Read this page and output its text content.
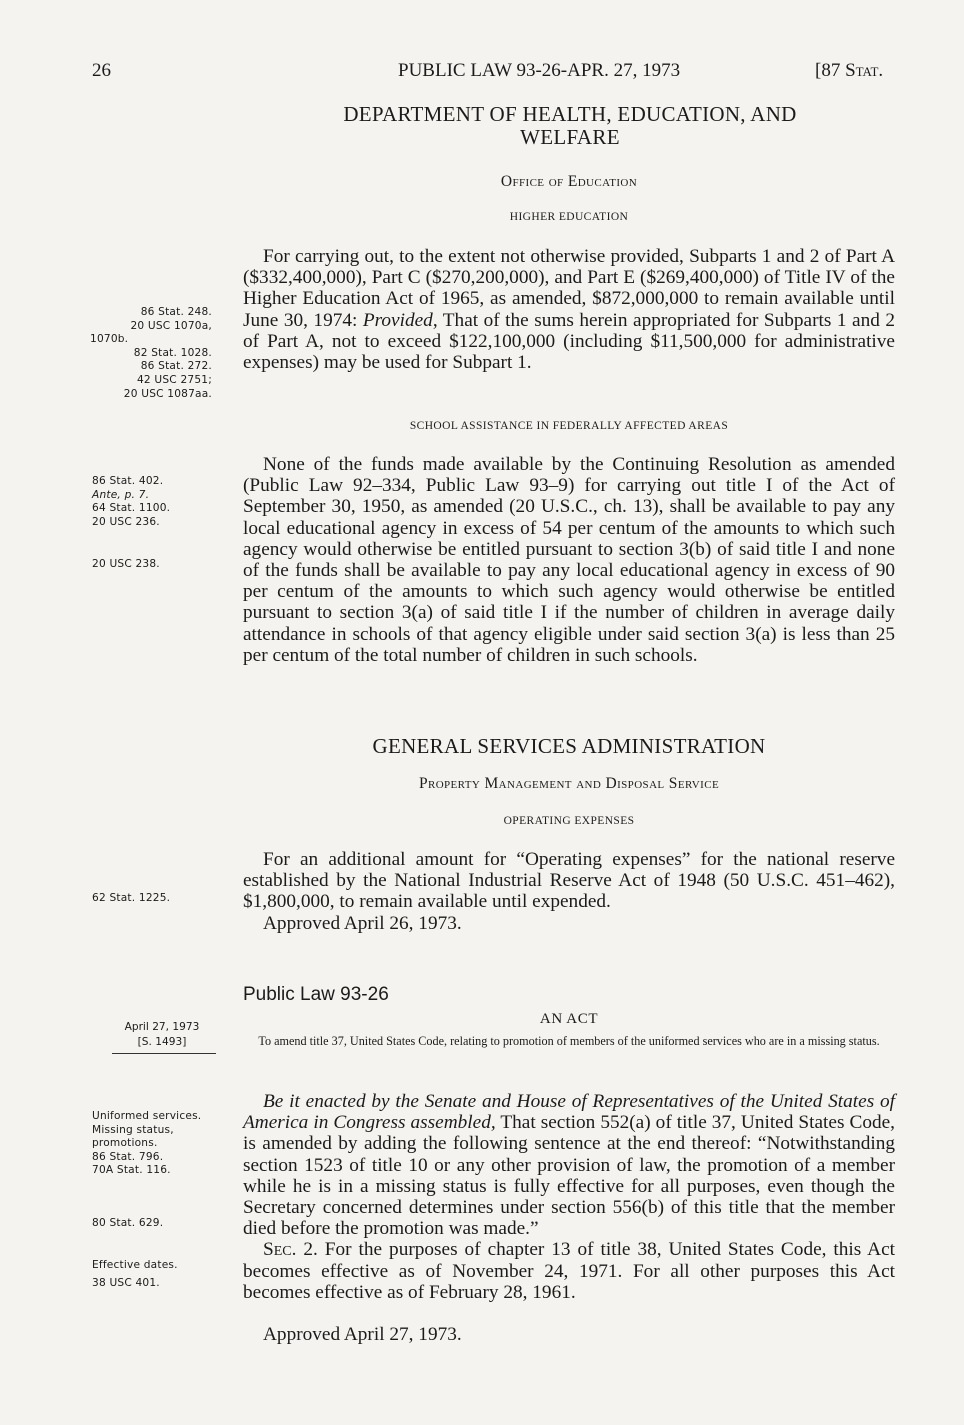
26	PUBLIC LAW 93-26-APR. 27, 1973	[87 Stat.
DEPARTMENT OF HEALTH, EDUCATION, AND WELFARE
Office of Education
HIGHER EDUCATION

For carrying out, to the extent not otherwise provided, Subparts 1 and 2 of Part A ($332,400,000), Part C ($270,200,000), and Part E ($269,400,000) of Title IV of the Higher Education Act of 1965, as amended, $872,000,000 to remain available until June 30, 1974: Provided, That of the sums herein appropriated for Subparts 1 and 2 of Part A, not to exceed $122,100,000 (including $11,500,000 for administrative expenses) may be used for Subpart 1.

86 Stat. 248.
20 USC 1070a,
1070b.
82 Stat. 1028.
86 Stat. 272.
42 USC 2751;
20 USC 1087aa.
SCHOOL ASSISTANCE IN FEDERALLY AFFECTED AREAS

None of the funds made available by the Continuing Resolution as amended (Public Law 92–334, Public Law 93–9) for carrying out title I of the Act of September 30, 1950, as amended (20 U.S.C., ch. 13), shall be available to pay any local educational agency in excess of 54 per centum of the amounts to which such agency would otherwise be entitled pursuant to section 3(b) of said title I and none of the funds shall be available to pay any local educational agency in excess of 90 per centum of the amounts to which such agency would otherwise be entitled pursuant to section 3(a) of said title I if the number of children in average daily attendance in schools of that agency eligible under said section 3(a) is less than 25 per centum of the total number of children in such schools.

86 Stat. 402.
Ante, p. 7.
64 Stat. 1100.
20 USC 236.
20 USC 238.
GENERAL SERVICES ADMINISTRATION
Property Management and Disposal Service
OPERATING EXPENSES

For an additional amount for “Operating expenses” for the national reserve established by the National Industrial Reserve Act of 1948 (50 U.S.C. 451–462), $1,800,000, to remain available until expended.

62 Stat. 1225.
Approved April 26, 1973.
Public Law 93-26
April 27, 1973
[S. 1493]
AN ACT
To amend title 37, United States Code, relating to promotion of members of the uniformed services who are in a missing status.

Be it enacted by the Senate and House of Representatives of the United States of America in Congress assembled, That section 552(a) of title 37, United States Code, is amended by adding the following sentence at the end thereof: “Notwithstanding section 1523 of title 10 or any other provision of law, the promotion of a member while he is in a missing status is fully effective for all purposes, even though the Secretary concerned determines under section 556(b) of this title that the member died before the promotion was made.”

Sec. 2. For the purposes of chapter 13 of title 38, United States Code, this Act becomes effective as of November 24, 1971. For all other purposes this Act becomes effective as of February 28, 1961.

Uniformed services.
Missing status, promotions.
86 Stat. 796.
70A Stat. 116.
80 Stat. 629.
Effective dates.
38 USC 401.
Approved April 27, 1973.
